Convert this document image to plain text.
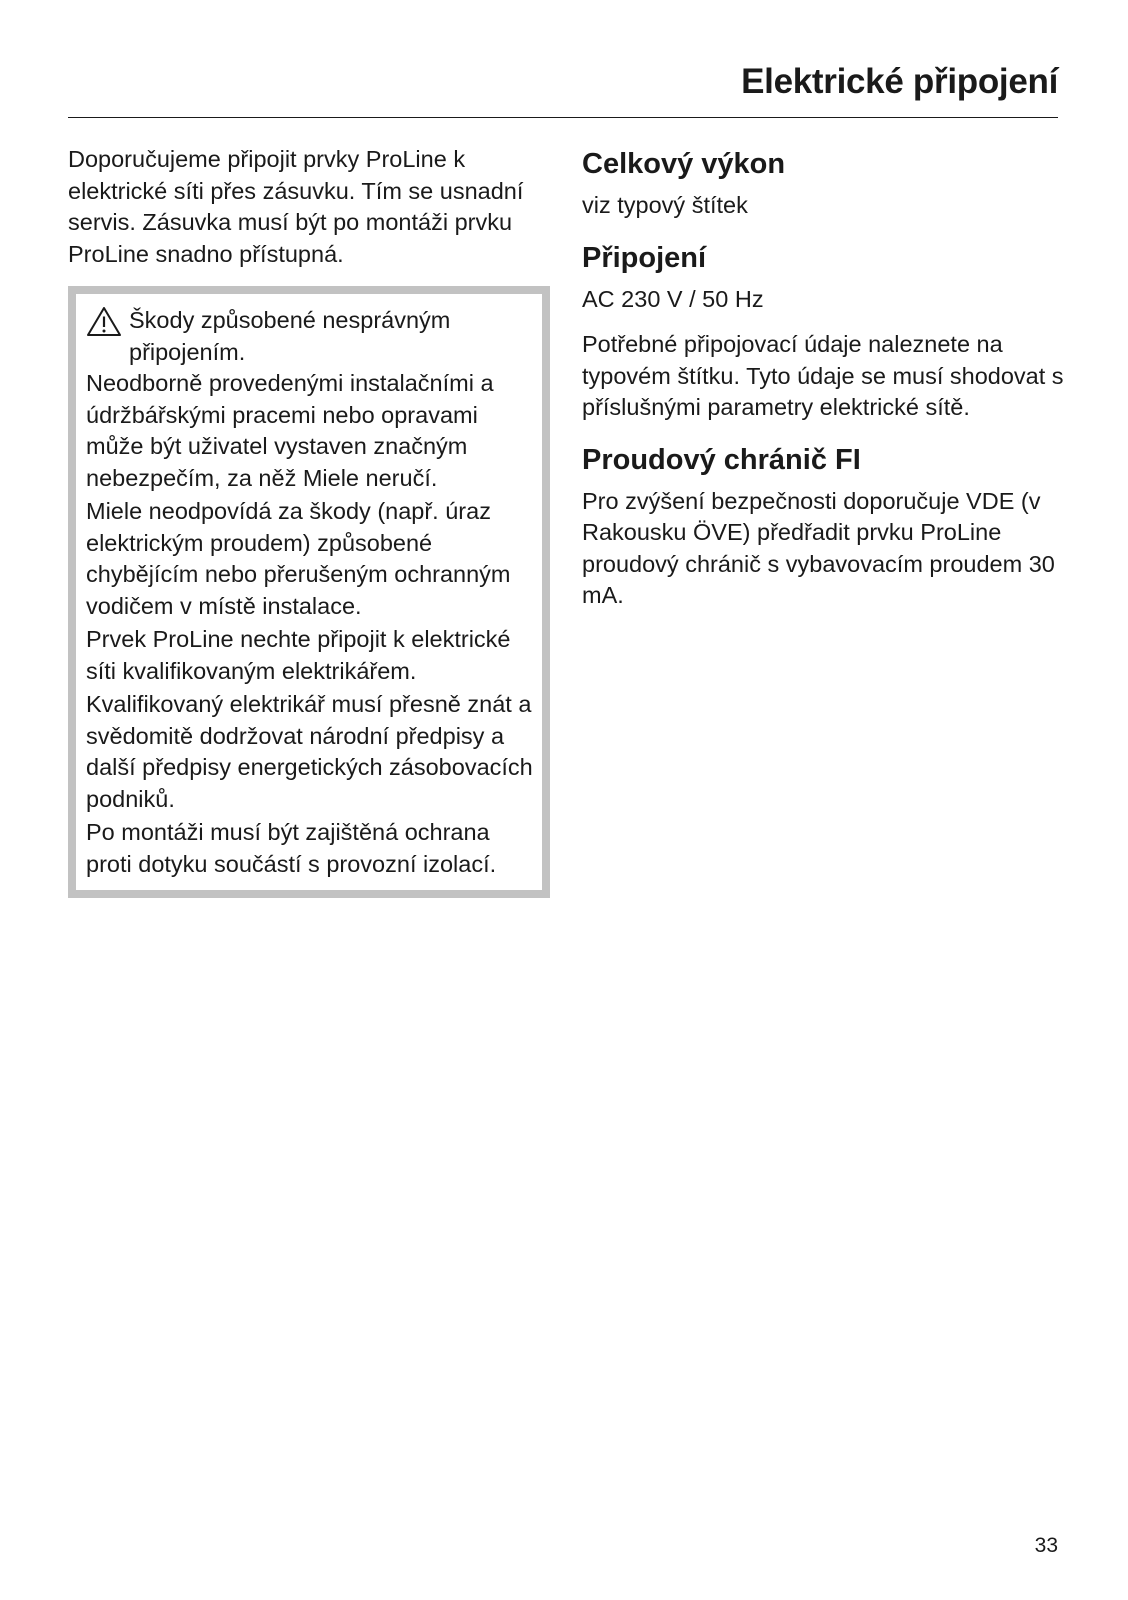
Elektrické připojení

Doporučujeme připojit prvky ProLine k elektrické síti přes zásuvku. Tím se usnadní servis. Zásuvka musí být po montáži prvku ProLine snadno přístupná.

Škody způsobené nesprávným připojením.

Neodborně provedenými instalačními a údržbářskými pracemi nebo opravami může být uživatel vystaven značným nebezpečím, za něž Miele neručí.

Miele neodpovídá za škody (např. úraz elektrickým proudem) způsobené chybějícím nebo přerušeným ochranným vodičem v místě instalace.

Prvek ProLine nechte připojit k elektrické síti kvalifikovaným elektrikářem.

Kvalifikovaný elektrikář musí přesně znát a svědomitě dodržovat národní předpisy a další předpisy energetických zásobovacích podniků.

Po montáži musí být zajištěná ochrana proti dotyku součástí s provozní izolací.

Celkový výkon

viz typový štítek

Připojení

AC 230 V / 50 Hz

Potřebné připojovací údaje naleznete na typovém štítku. Tyto údaje se musí shodovat s příslušnými parametry elektrické sítě.

Proudový chránič FI

Pro zvýšení bezpečnosti doporučuje VDE (v Rakousku ÖVE) předřadit prvku ProLine proudový chránič s vybavovacím proudem 30 mA.

33
